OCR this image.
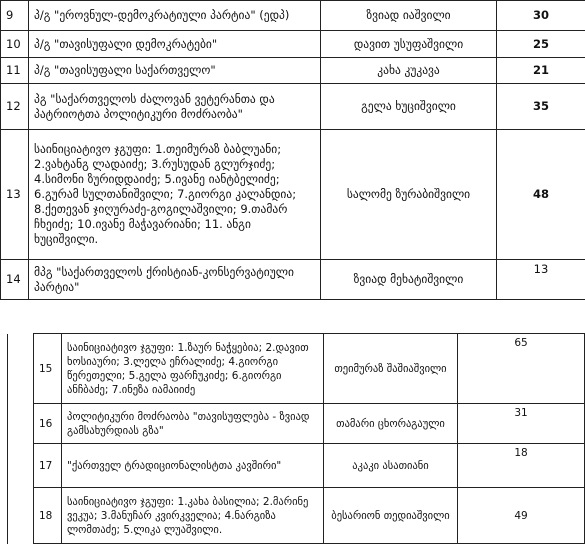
9	პ/გ "ეროვნულ-დემოკრატიული პარტია" (ედპ)	ზვიად იაშვილი	30
10	პ/გ "თავისუფალი დემოკრატები"	დავით უსუფაშვილი	25
11	პ/გ "თავისუფალი საქართველო"	კახა კუკავა	21
12	პგ "საქართველოს ძალოვან ვეტერანთა და პატრიოტთა პოლიტიკური მოძრაობა"	გელა ხუციშვილი	35
13	საინიციატივო ჯგუფი: 1.თეიმურაზ ბაბლუანი; 2.ვახტანგ ლადაიძე; 3.რუსუდან გლურჯიძე; 4.სიმონი ზურიდდაიძე; 5.ივანე იანტბელიძე; 6.გურამ სულთანიშვილი; 7.გიორგი კალანდია; 8.ქეთევან ჯიღურაძე-გოგილაშვილი; 9.თამარ ჩხეიძე; 10.ივანე მაჭავარიანი; 11. ანგი ხუციშვილი.	სალომე ზურაბიშვილი	48
14	მპგ "საქართველოს ქრისტიან-კონსერვატიული პარტია"	ზვიად მეხატიშვილი	13
	15	საინიციატივო ჯგუფი: 1.ზაურ ნაჭყებია; 2.დავით ხოსიაური; 3.ლელა ეჩრალიძე; 4.გიორგი წერეთელი; 5.გელა ფარჩუკიძე; 6.გიორგი ანჩბაძე; 7.ინეზა იამაიიძე	თეიმურაზ შაშიაშვილი	65
	16	პოლიტიკური მოძრაობა "თავისუფლება - ზვიად გამსახურდიას გზა"	თამარი ცხორაგაული	31
	17	"ქართველ ტრადიციონალისტთა კავშირი"	აკაკი ასათიანი	18
	18	საინიციატივო ჯგუფი: 1.კახა ბასილია; 2.მარინე ვეკუა; 3.მანუჩარ კვირკველია; 4.ნარგიზა ლომთაძე; 5.ლიკა ლუაშვილი.	ბესარიონ თედიაშვილი	49
